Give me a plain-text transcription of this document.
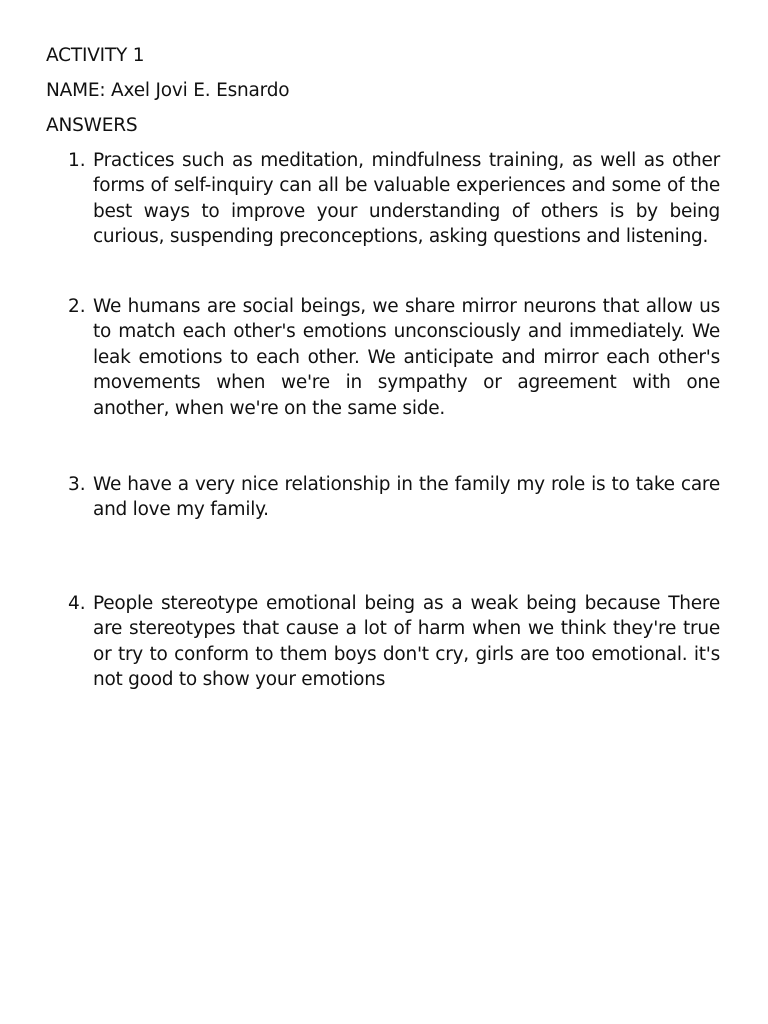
ACTIVITY 1
NAME: Axel Jovi E. Esnardo
ANSWERS
1. Practices such as meditation, mindfulness training, as well as other forms of self-inquiry can all be valuable experiences and some of the best ways to improve your understanding of others is by being curious, suspending preconceptions, asking questions and listening.

2. We humans are social beings, we share mirror neurons that allow us to match each other's emotions unconsciously and immediately. We leak emotions to each other. We anticipate and mirror each other's movements when we're in sympathy or agreement with one another, when we're on the same side.

3. We have a very nice relationship in the family my role is to take care and love my family.

4. People stereotype emotional being as a weak being because There are stereotypes that cause a lot of harm when we think they're true or try to conform to them boys don't cry, girls are too emotional. it's not good to show your emotions
